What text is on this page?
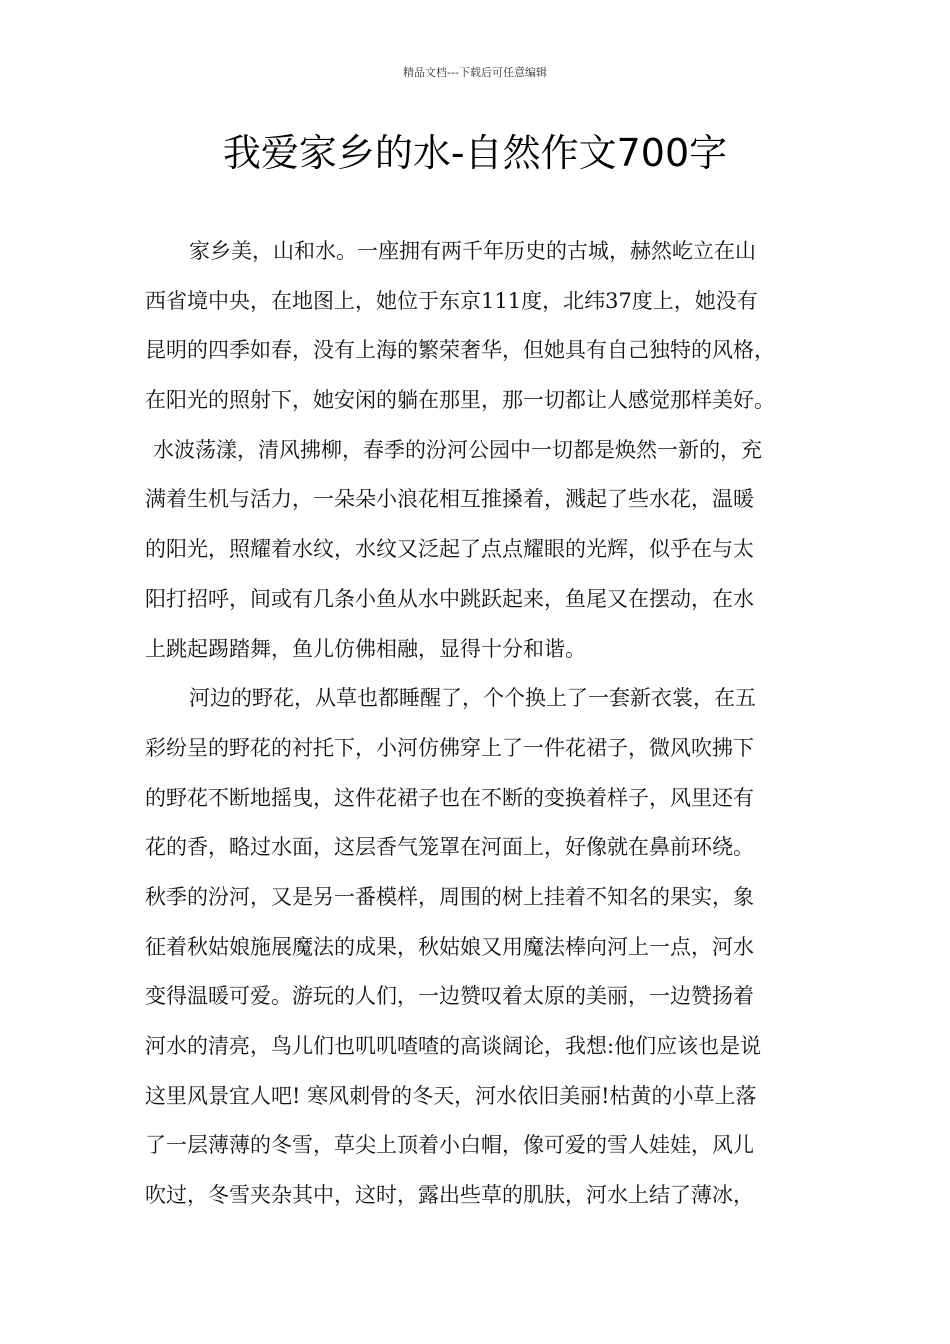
精品文档---下载后可任意编辑
我爱家乡的水-自然作文700字
家乡美，山和水。一座拥有两千年历史的古城，赫然屹立在山
西省境中央，在地图上，她位于东京111度，北纬37度上，她没有
昆明的四季如春，没有上海的繁荣奢华，但她具有自己独特的风格，
在阳光的照射下，她安闲的躺在那里，那一切都让人感觉那样美好。
水波荡漾，清风拂柳，春季的汾河公园中一切都是焕然一新的，充
满着生机与活力，一朵朵小浪花相互推搡着，溅起了些水花，温暖
的阳光，照耀着水纹，水纹又泛起了点点耀眼的光辉，似乎在与太
阳打招呼，间或有几条小鱼从水中跳跃起来，鱼尾又在摆动，在水
上跳起踢踏舞，鱼儿仿佛相融，显得十分和谐。
河边的野花，从草也都睡醒了，个个换上了一套新衣裳，在五
彩纷呈的野花的衬托下，小河仿佛穿上了一件花裙子，微风吹拂下
的野花不断地摇曳，这件花裙子也在不断的变换着样子，风里还有
花的香，略过水面，这层香气笼罩在河面上，好像就在鼻前环绕。
秋季的汾河，又是另一番模样，周围的树上挂着不知名的果实，象
征着秋姑娘施展魔法的成果，秋姑娘又用魔法棒向河上一点，河水
变得温暖可爱。游玩的人们，一边赞叹着太原的美丽，一边赞扬着
河水的清亮，鸟儿们也叽叽喳喳的高谈阔论，我想:他们应该也是说
这里风景宜人吧! 寒风刺骨的冬天，河水依旧美丽!枯黄的小草上落
了一层薄薄的冬雪，草尖上顶着小白帽，像可爱的雪人娃娃，风儿
吹过，冬雪夹杂其中，这时，露出些草的肌肤，河水上结了薄冰，
